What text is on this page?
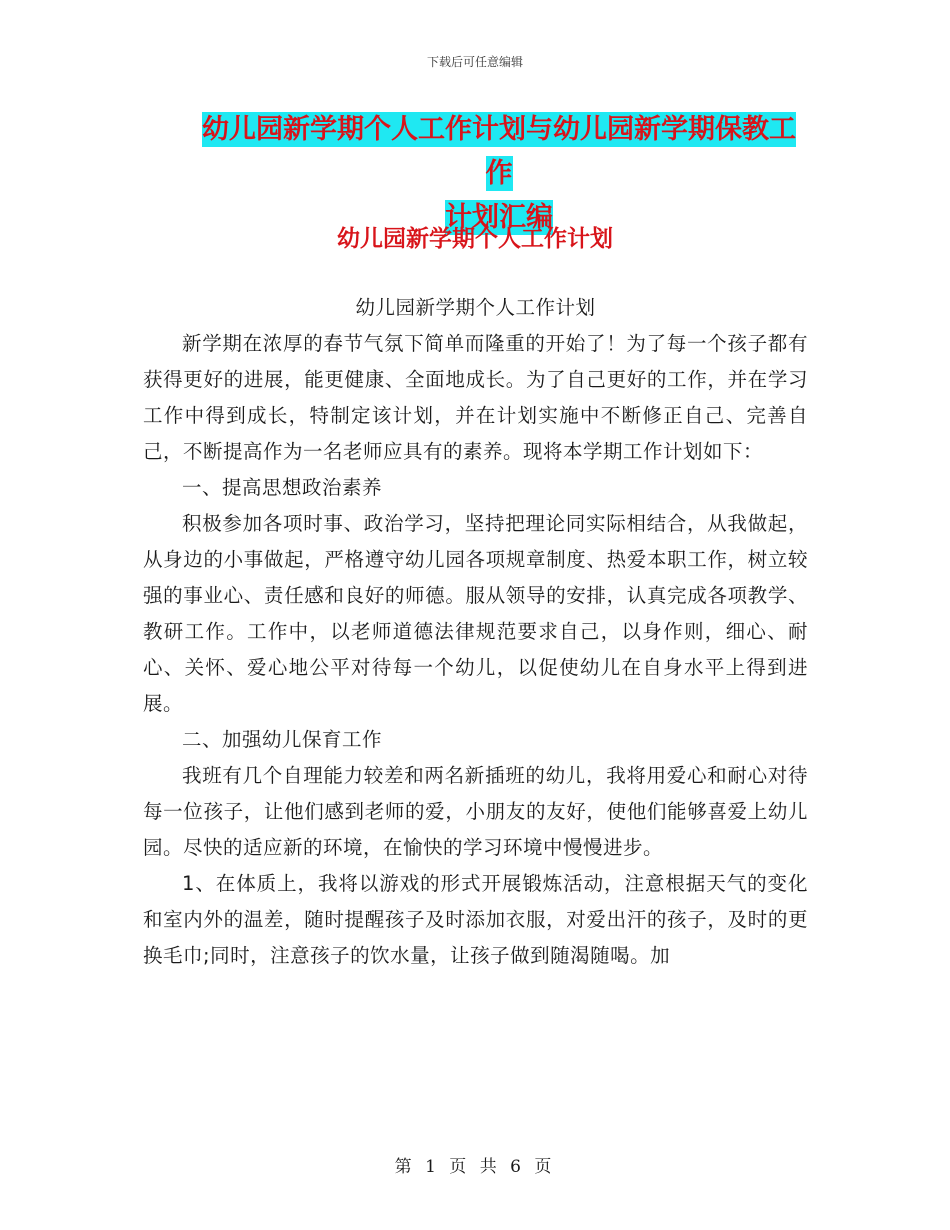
下载后可任意编辑
幼儿园新学期个人工作计划与幼儿园新学期保教工作
计划汇编
幼儿园新学期个人工作计划

幼儿园新学期个人工作计划

新学期在浓厚的春节气氛下简单而隆重的开始了！为了每一个孩子都有获得更好的进展，能更健康、全面地成长。为了自己更好的工作，并在学习工作中得到成长，特制定该计划，并在计划实施中不断修正自己、完善自己，不断提高作为一名老师应具有的素养。现将本学期工作计划如下：

一、提高思想政治素养

积极参加各项时事、政治学习，坚持把理论同实际相结合，从我做起，从身边的小事做起，严格遵守幼儿园各项规章制度、热爱本职工作，树立较强的事业心、责任感和良好的师德。服从领导的安排，认真完成各项教学、教研工作。工作中，以老师道德法律规范要求自己，以身作则，细心、耐心、关怀、爱心地公平对待每一个幼儿，以促使幼儿在自身水平上得到进展。

二、加强幼儿保育工作

我班有几个自理能力较差和两名新插班的幼儿，我将用爱心和耐心对待每一位孩子，让他们感到老师的爱，小朋友的友好，使他们能够喜爱上幼儿园。尽快的适应新的环境，在愉快的学习环境中慢慢进步。

1、在体质上，我将以游戏的形式开展锻炼活动，注意根据天气的变化和室内外的温差，随时提醒孩子及时添加衣服，对爱出汗的孩子，及时的更换毛巾;同时，注意孩子的饮水量，让孩子做到随渴随喝。加

第 1 页 共 6 页
